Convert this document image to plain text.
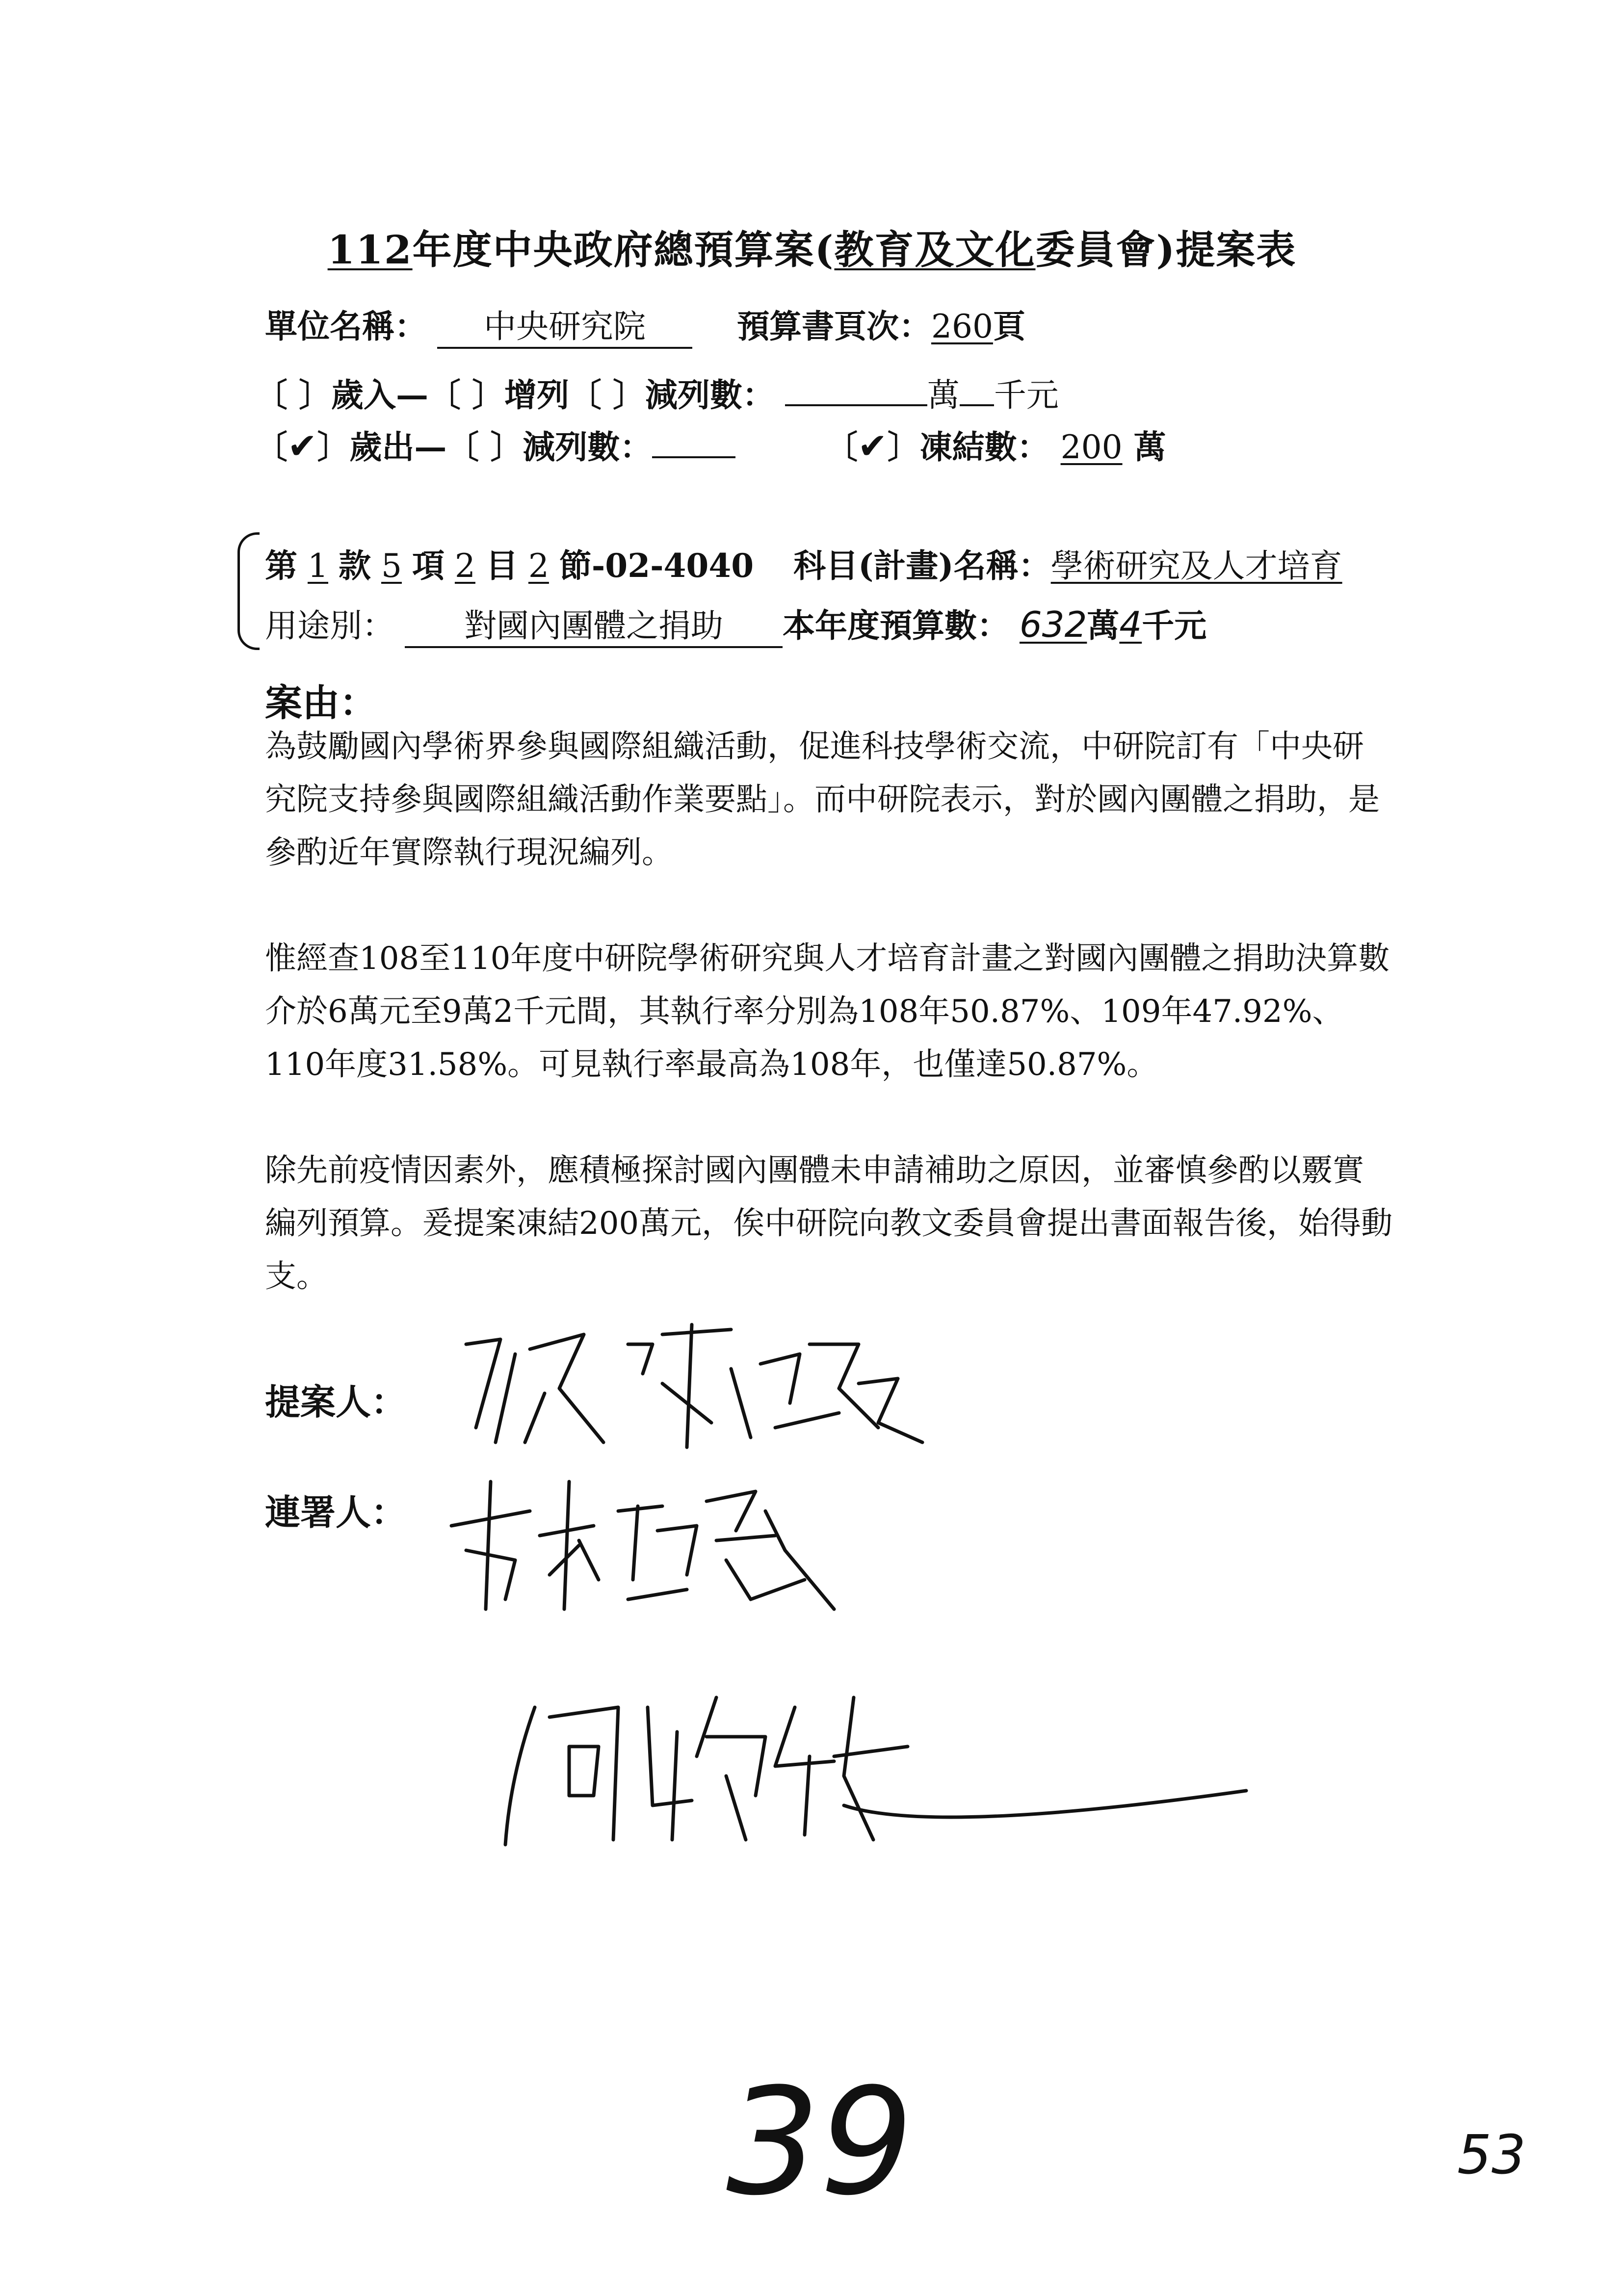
112年度中央政府總預算案(教育及文化委員會)提案表
單位名稱： 中央研究院	預算書頁次：260頁
〔 〕歲入—〔 〕增列〔 〕減列數：	萬 千元
〔✔〕歲出—〔 〕減列數：	〔✔〕凍結數： 200 萬
第 1 款 5 項 2 目 2 節-02-4040 科目(計畫)名稱：學術研究及人才培育
用途別： 對國內團體之捐助 本年度預算數： 632萬4千元
案由：

為鼓勵國內學術界參與國際組織活動，促進科技學術交流，中研院訂有「中央研究院支持參與國際組織活動作業要點」。而中研院表示，對於國內團體之捐助，是參酌近年實際執行現況編列。

惟經查108至110年度中研院學術研究與人才培育計畫之對國內團體之捐助決算數介於6萬元至9萬2千元間，其執行率分別為108年50.87%、109年47.92%、110年度31.58%。可見執行率最高為108年，也僅達50.87%。

除先前疫情因素外，應積極探討國內團體未申請補助之原因，並審慎參酌以覈實編列預算。爰提案凍結200萬元，俟中研院向教文委員會提出書面報告後，始得動支。

提案人：
連署人：
39	53
